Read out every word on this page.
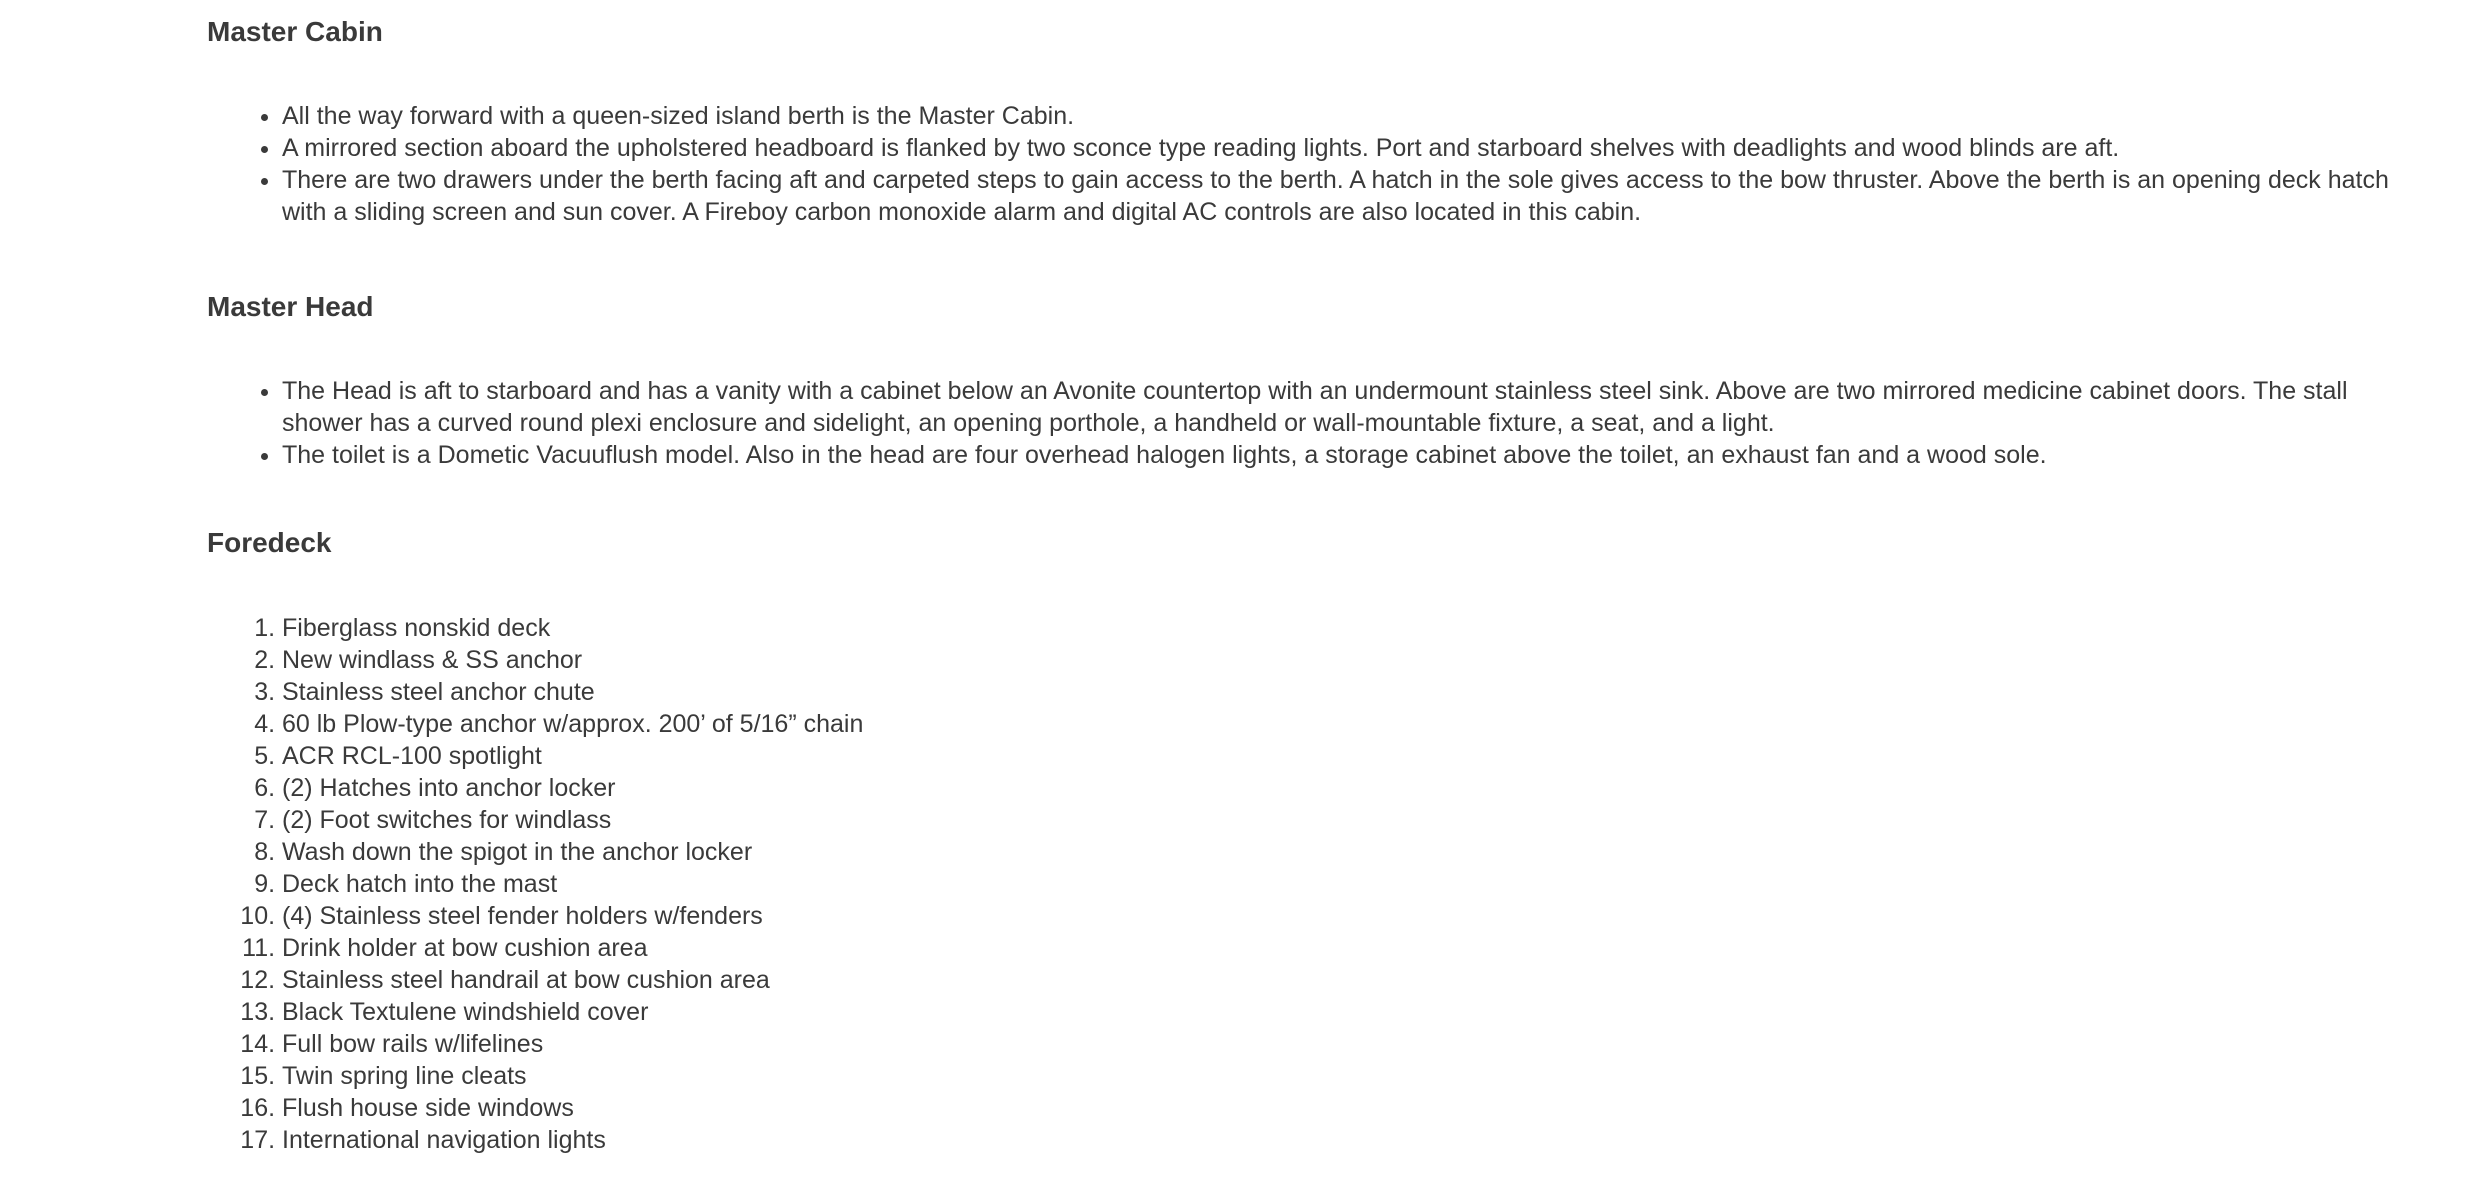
Master Cabin
• All the way forward with a queen-sized island berth is the Master Cabin.
• A mirrored section aboard the upholstered headboard is flanked by two sconce type reading lights. Port and starboard shelves with deadlights and wood blinds are aft.
• There are two drawers under the berth facing aft and carpeted steps to gain access to the berth. A hatch in the sole gives access to the bow thruster. Above the berth is an opening deck hatch with a sliding screen and sun cover. A Fireboy carbon monoxide alarm and digital AC controls are also located in this cabin.
Master Head
• The Head is aft to starboard and has a vanity with a cabinet below an Avonite countertop with an undermount stainless steel sink. Above are two mirrored medicine cabinet doors. The stall shower has a curved round plexi enclosure and sidelight, an opening porthole, a handheld or wall-mountable fixture, a seat, and a light.
• The toilet is a Dometic Vacuuflush model. Also in the head are four overhead halogen lights, a storage cabinet above the toilet, an exhaust fan and a wood sole.
Foredeck
1. Fiberglass nonskid deck
2. New windlass & SS anchor
3. Stainless steel anchor chute
4. 60 lb Plow-type anchor w/approx. 200’ of 5/16” chain
5. ACR RCL-100 spotlight
6. (2) Hatches into anchor locker
7. (2) Foot switches for windlass
8. Wash down the spigot in the anchor locker
9. Deck hatch into the mast
10. (4) Stainless steel fender holders w/fenders
11. Drink holder at bow cushion area
12. Stainless steel handrail at bow cushion area
13. Black Textulene windshield cover
14. Full bow rails w/lifelines
15. Twin spring line cleats
16. Flush house side windows
17. International navigation lights
